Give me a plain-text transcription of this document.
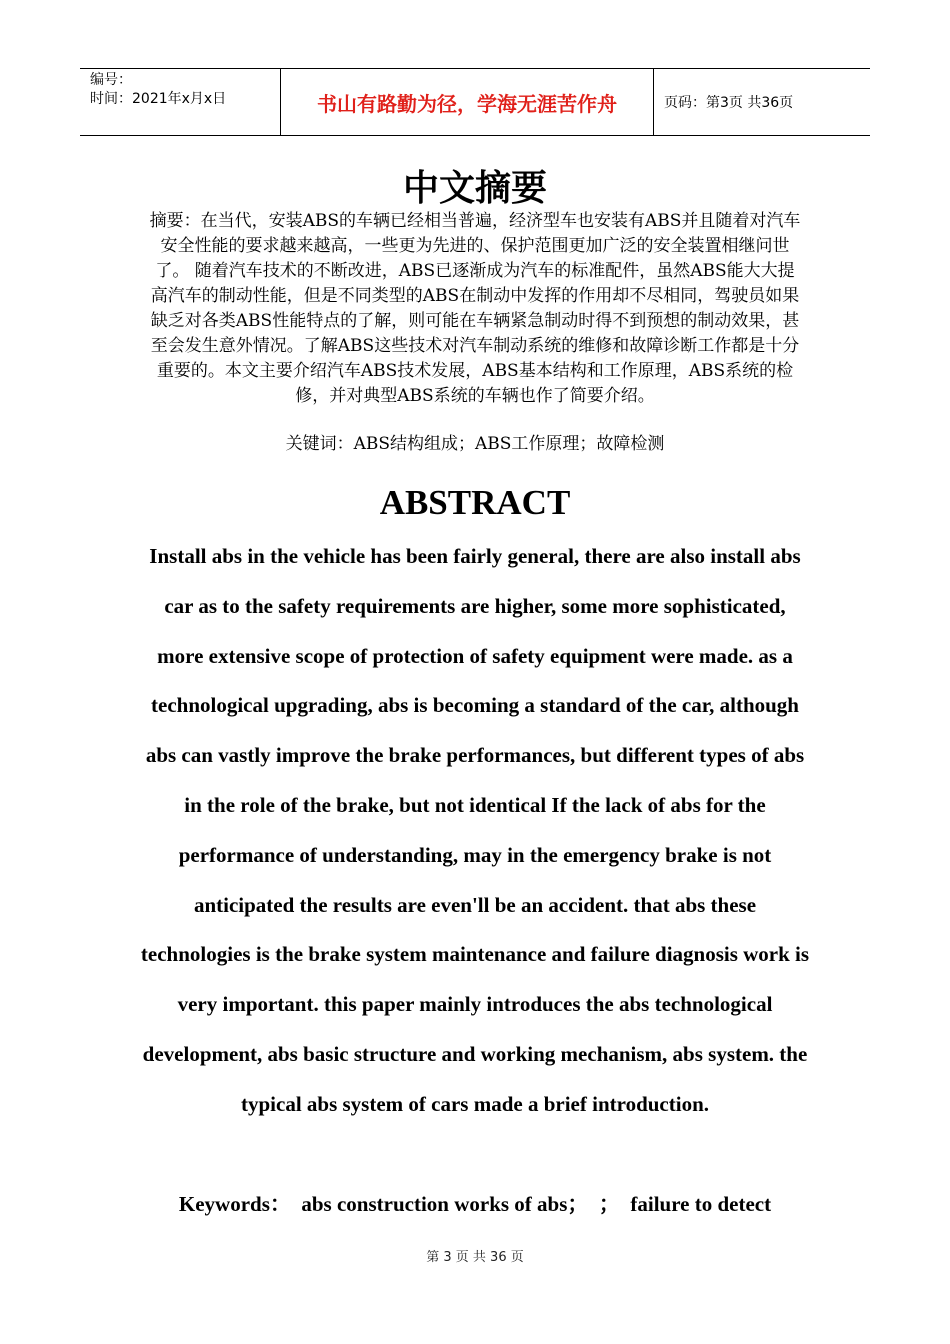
编号：
时间：2021年x月x日	书山有路勤为径，学海无涯苦作舟	页码：第3页 共36页
中文摘要

摘要：在当代，安装ABS的车辆已经相当普遍，经济型车也安装有ABS并且随着对汽车安全性能的要求越来越高，一些更为先进的、保护范围更加广泛的安全装置相继问世了。 随着汽车技术的不断改进，ABS已逐渐成为汽车的标准配件，虽然ABS能大大提高汽车的制动性能，但是不同类型的ABS在制动中发挥的作用却不尽相同，驾驶员如果缺乏对各类ABS性能特点的了解，则可能在车辆紧急制动时得不到预想的制动效果，甚至会发生意外情况。了解ABS这些技术对汽车制动系统的维修和故障诊断工作都是十分重要的。本文主要介绍汽车ABS技术发展，ABS基本结构和工作原理，ABS系统的检修，并对典型ABS系统的车辆也作了简要介绍。

关键词：ABS结构组成；ABS工作原理；故障检测
ABSTRACT

Install abs in the vehicle has been fairly general, there are also install abs car as to the safety requirements are higher, some more sophisticated, more extensive scope of protection of safety equipment were made. as a technological upgrading, abs is becoming a standard of the car, although abs can vastly improve the brake performances, but different types of abs in the role of the brake, but not identical If the lack of abs for the performance of understanding, may in the emergency brake is not anticipated the results are even'll be an accident. that abs these technologies is the brake system maintenance and failure diagnosis work is very important. this paper mainly introduces the abs technological development, abs basic structure and working mechanism, abs system. the typical abs system of cars made a brief introduction.

Keywords：  abs construction works of abs；  ；  failure to detect
第 3 页 共 36 页
